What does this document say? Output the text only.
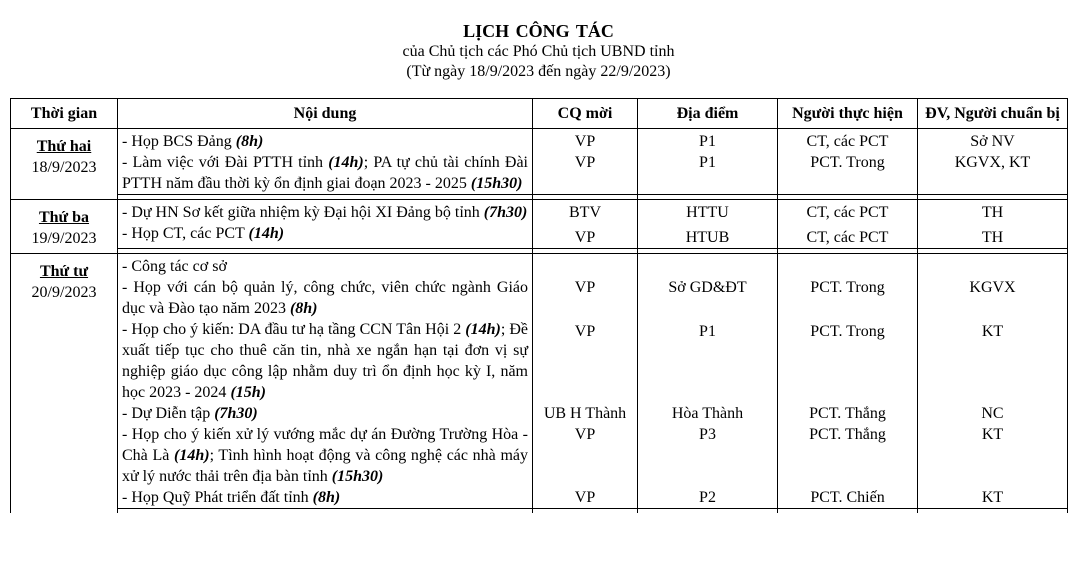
LỊCH CÔNG TÁC
của Chủ tịch các Phó Chủ tịch UBND tỉnh
(Từ ngày 18/9/2023 đến ngày 22/9/2023)
Thời gian	Nội dung	CQ mời	Địa điểm	Người thực hiện	ĐV, Người chuẩn bị

Thứ hai
18/9/2023	- Họp BCS Đảng (8h)	VP	P1	CT, các PCT	Sở NV
	- Làm việc với Đài PTTH tỉnh (14h); PA tự chủ tài chính Đài PTTH năm đầu thời kỳ ổn định giai đoạn 2023 - 2025 (15h30)	VP	P1	PCT. Trong	KGVX, KT

Thứ ba
19/9/2023	- Dự HN Sơ kết giữa nhiệm kỳ Đại hội XI Đảng bộ tỉnh (7h30)	BTV	HTTU	CT, các PCT	TH
	- Họp CT, các PCT (14h)	VP	HTUB	CT, các PCT	TH

Thứ tư
20/9/2023	- Công tác cơ sở				
	- Họp với cán bộ quản lý, công chức, viên chức ngành Giáo dục và Đào tạo năm 2023 (8h)	VP	Sở GD&ĐT	PCT. Trong	KGVX
	- Họp cho ý kiến: DA đầu tư hạ tầng CCN Tân Hội 2 (14h); Đề xuất tiếp tục cho thuê căn tin, nhà xe ngắn hạn tại đơn vị sự nghiệp giáo dục công lập nhằm duy trì ổn định học kỳ I, năm học 2023 - 2024 (15h)	VP	P1	PCT. Trong	KT
	- Dự Diễn tập (7h30)	UB H Thành	Hòa Thành	PCT. Thắng	NC
	- Họp cho ý kiến xử lý vướng mắc dự án Đường Trường Hòa - Chà Là (14h); Tình hình hoạt động và công nghệ các nhà máy xử lý nước thải trên địa bàn tỉnh (15h30)	VP	P3	PCT. Thắng	KT
	- Họp Quỹ Phát triển đất tỉnh (8h)	VP	P2	PCT. Chiến	KT
